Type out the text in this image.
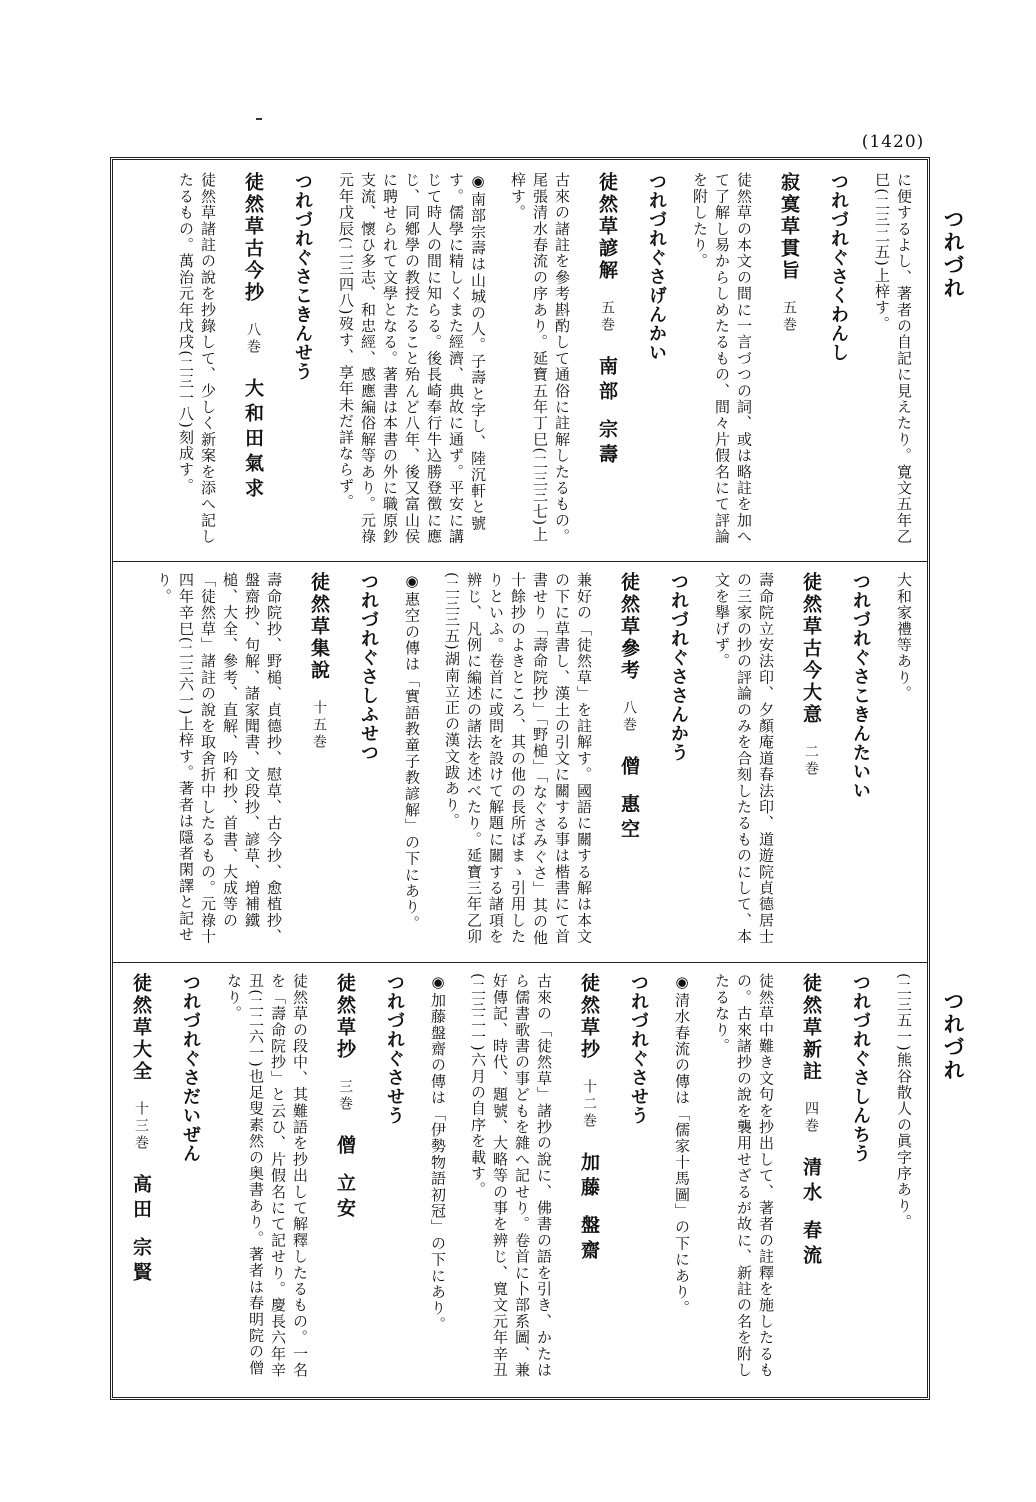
(1420)
つれづれ
つれづれ
に便するよし、著者の自記に見えたり。寛文五年乙巳(二三二五)上梓す。
つれづれぐさくわんし
寂寞草貫旨五巻
徒然草の本文の間に一言づつの詞、或は略註を加へて了解し易からしめたるもの、間々片假名にて評論を附したり。
つれづれぐさげんかい
徒然草諺解五巻南部 宗壽
古來の諸註を參考斟酌して通俗に註解したるもの。尾張清水春流の序あり。延寶五年丁巳(二三三七)上梓す。
◉南部宗壽は山城の人。子壽と字し、陸沉軒と號す。儒學に精しくまた經濟、典故に通ず。平安に講じて時人の間に知らる。後長崎奉行牛込勝登徴に應じ、同鄕學の教授たること殆んど八年、後又富山侯に聘せられて文學となる。著書は本書の外に職原鈔支流、懷ひ多志、和忠經、感應編俗解等あり。元祿元年戊辰(二三四八)歿す、享年未だ詳ならず。
つれづれぐさこきんせう
徒然草古今抄八巻大和田氣求
徒然草諸註の說を抄錄して、少しく新案を添へ記したるもの。萬治元年戊戌(二三一八)刻成す。
大和家禮等あり。
つれづれぐさこきんたいい
徒然草古今大意二巻
壽命院立安法印、夕顏庵道春法印、道遊院貞德居士の三家の抄の評論のみを合刻したるものにして、本文を擧げず。
つれづれぐささんかう
徒然草參考八巻僧 惠空
兼好の「徒然草」を註解す。國語に關する解は本文の下に草書し、漢土の引文に關する事は楷書にて首書せり「壽命院抄」「野槌」「なぐさみぐさ」其の他十餘抄のよきところ、其の他の長所ばまゝ引用したりといふ。卷首に或問を設けて解題に關する諸項を辨じ、凡例に編述の諸法を述べたり。延寶三年乙卯(二三三五)湖南立正の漢文跋あり。
◉惠空の傳は「實語教童子教諺解」の下にあり。
つれづれぐさしふせつ
徒然草集說十五巻
壽命院抄、野槌、貞德抄、慰草、古今抄、愈植抄、盤齋抄、句解、諸家聞書、文段抄、諺草、増補鐵槌、大全、參考、直解、吟和抄、首書、大成等の「徒然草」諸註の說を取舍折中したるもの。元祿十四年辛巳(二三六一)上梓す。著者は隱者閑譯と記せり。
(二三五一)熊谷散人の眞字序あり。
つれづれぐさしんちう
徒然草新註四巻清水 春流
徒然草中難き文句を抄出して、著者の註釋を施したるもの。古來諸抄の說を襲用せざるが故に、新註の名を附したるなり。
◉清水春流の傳は「儒家十馬圖」の下にあり。
つれづれぐさせう
徒然草抄十二巻加藤 盤齋
古來の「徒然草」諸抄の說に、佛書の語を引き、かたはら儒書歌書の事どもを雜へ記せり。卷首に卜部系圖、兼好傳記、時代、題號、大略等の事を辨じ、寬文元年辛丑(二三二一)六月の自序を載す。
◉加藤盤齋の傳は「伊勢物語初冠」の下にあり。
つれづれぐさせう
徒然草抄三巻僧 立安
徒然草の段中、其難語を抄出して解釋したるもの。一名を「壽命院抄」と云ひ、片假名にて記せり。慶長六年辛丑(二二六一)也足叟素然の奥書あり。著者は春明院の僧なり。
つれづれぐさだいぜん
徒然草大全十三巻高田 宗賢
